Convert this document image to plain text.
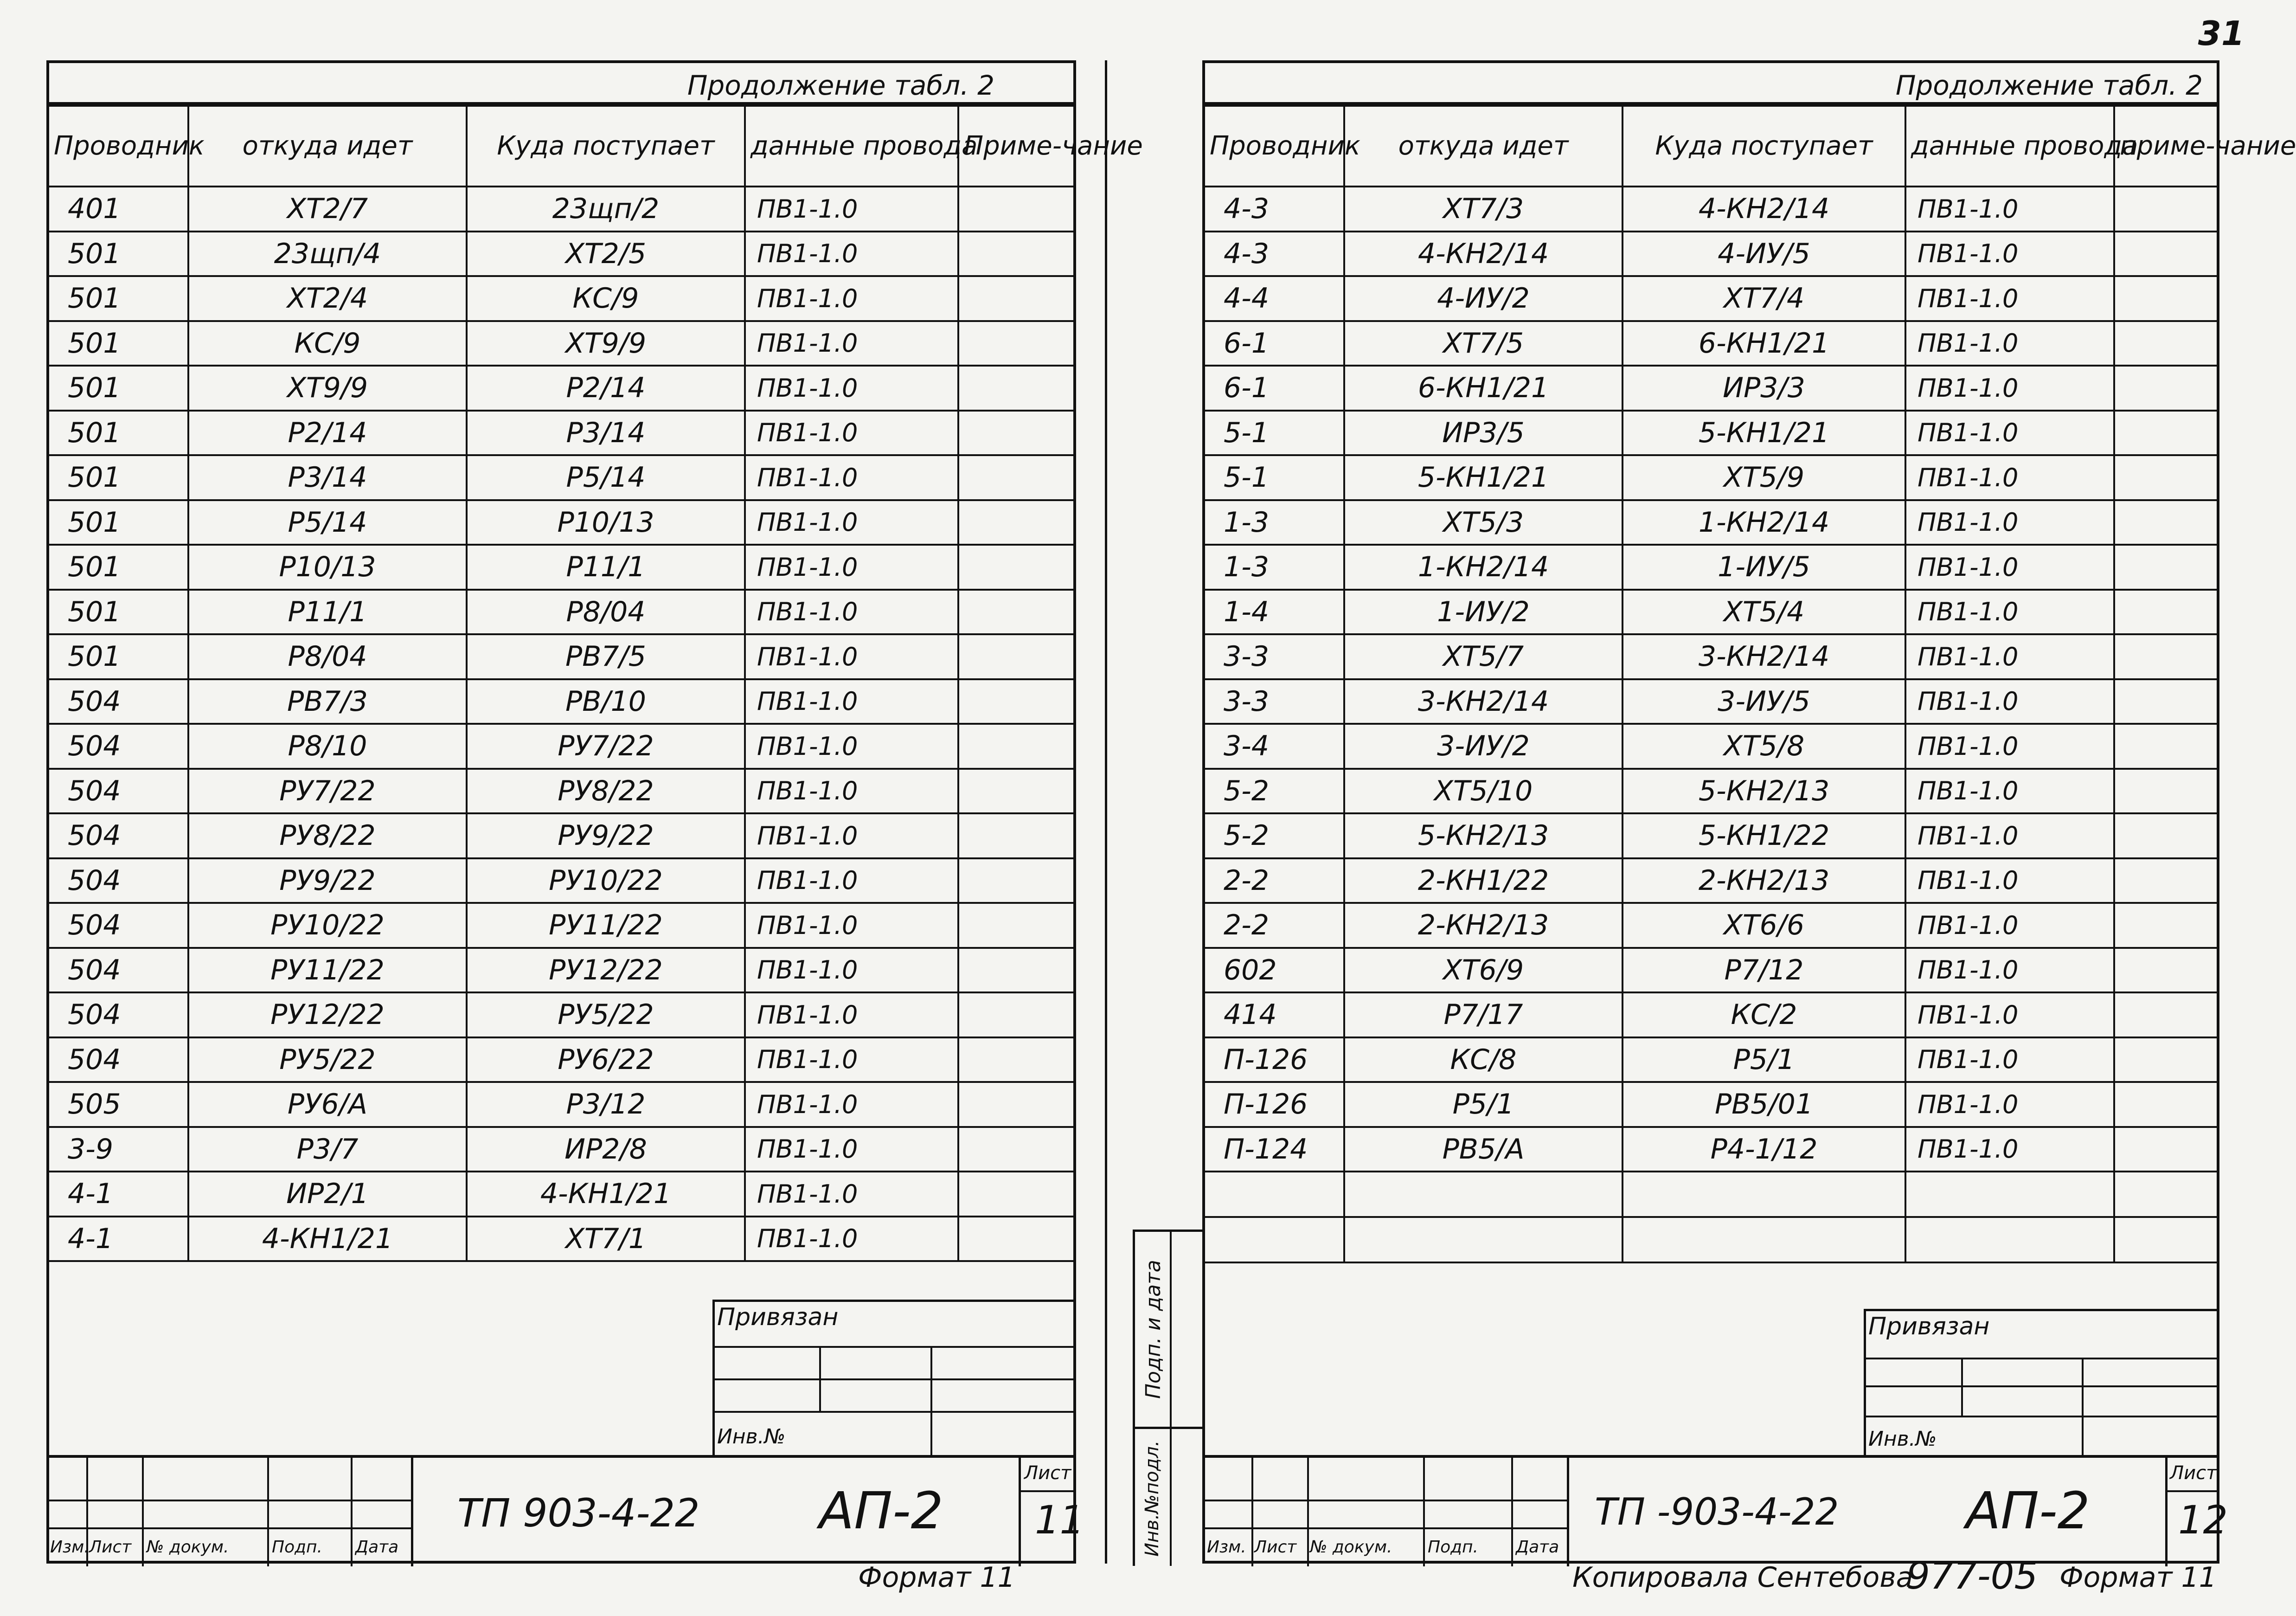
31
Продолжение табл. 2
Проводник	откуда идет	Куда поступает	данные провода	Приме-чание
401	ХТ2/7	23щп/2	ПВ1-1.0	
501	23щп/4	ХТ2/5	ПВ1-1.0	
501	ХТ2/4	КС/9	ПВ1-1.0	
501	КС/9	ХТ9/9	ПВ1-1.0	
501	ХТ9/9	Р2/14	ПВ1-1.0	
501	Р2/14	Р3/14	ПВ1-1.0	
501	Р3/14	Р5/14	ПВ1-1.0	
501	Р5/14	Р10/13	ПВ1-1.0	
501	Р10/13	Р11/1	ПВ1-1.0	
501	Р11/1	Р8/04	ПВ1-1.0	
501	Р8/04	РВ7/5	ПВ1-1.0	
504	РВ7/3	РВ/10	ПВ1-1.0	
504	Р8/10	РУ7/22	ПВ1-1.0	
504	РУ7/22	РУ8/22	ПВ1-1.0	
504	РУ8/22	РУ9/22	ПВ1-1.0	
504	РУ9/22	РУ10/22	ПВ1-1.0	
504	РУ10/22	РУ11/22	ПВ1-1.0	
504	РУ11/22	РУ12/22	ПВ1-1.0	
504	РУ12/22	РУ5/22	ПВ1-1.0	
504	РУ5/22	РУ6/22	ПВ1-1.0	
505	РУ6/А	Р3/12	ПВ1-1.0	
3-9	Р3/7	ИР2/8	ПВ1-1.0	
4-1	ИР2/1	4-КН1/21	ПВ1-1.0	
4-1	4-КН1/21	ХТ7/1	ПВ1-1.0	
Привязан
Инв.№
Изм. Лист № докум.	Подп. Дата
ТП 903-4-22 АП-2
Лист
11
Формат 11
Подп. и дата
Инв.№подл.
Продолжение табл. 2
Проводник	откуда идет	Куда поступает	данные провода	приме-чание
4-3	ХТ7/3	4-КН2/14	ПВ1-1.0	
4-3	4-КН2/14	4-ИУ/5	ПВ1-1.0	
4-4	4-ИУ/2	ХТ7/4	ПВ1-1.0	
6-1	ХТ7/5	6-КН1/21	ПВ1-1.0	
6-1	6-КН1/21	ИР3/3	ПВ1-1.0	
5-1	ИР3/5	5-КН1/21	ПВ1-1.0	
5-1	5-КН1/21	ХТ5/9	ПВ1-1.0	
1-3	ХТ5/3	1-КН2/14	ПВ1-1.0	
1-3	1-КН2/14	1-ИУ/5	ПВ1-1.0	
1-4	1-ИУ/2	ХТ5/4	ПВ1-1.0	
3-3	ХТ5/7	3-КН2/14	ПВ1-1.0	
3-3	3-КН2/14	3-ИУ/5	ПВ1-1.0	
3-4	3-ИУ/2	ХТ5/8	ПВ1-1.0	
5-2	ХТ5/10	5-КН2/13	ПВ1-1.0	
5-2	5-КН2/13	5-КН1/22	ПВ1-1.0	
2-2	2-КН1/22	2-КН2/13	ПВ1-1.0	
2-2	2-КН2/13	ХТ6/6	ПВ1-1.0	
602	ХТ6/9	Р7/12	ПВ1-1.0	
414	Р7/17	КС/2	ПВ1-1.0	
П-126	КС/8	Р5/1	ПВ1-1.0	
П-126	Р5/1	РВ5/01	ПВ1-1.0	
П-124	РВ5/А	Р4-1/12	ПВ1-1.0	

Привязан
Инв.№
Изм. Лист № докум. Подп. Дата
ТП -903-4-22 АП-2
Лист
12
Копировала Сентебова
977-05 Формат 11
